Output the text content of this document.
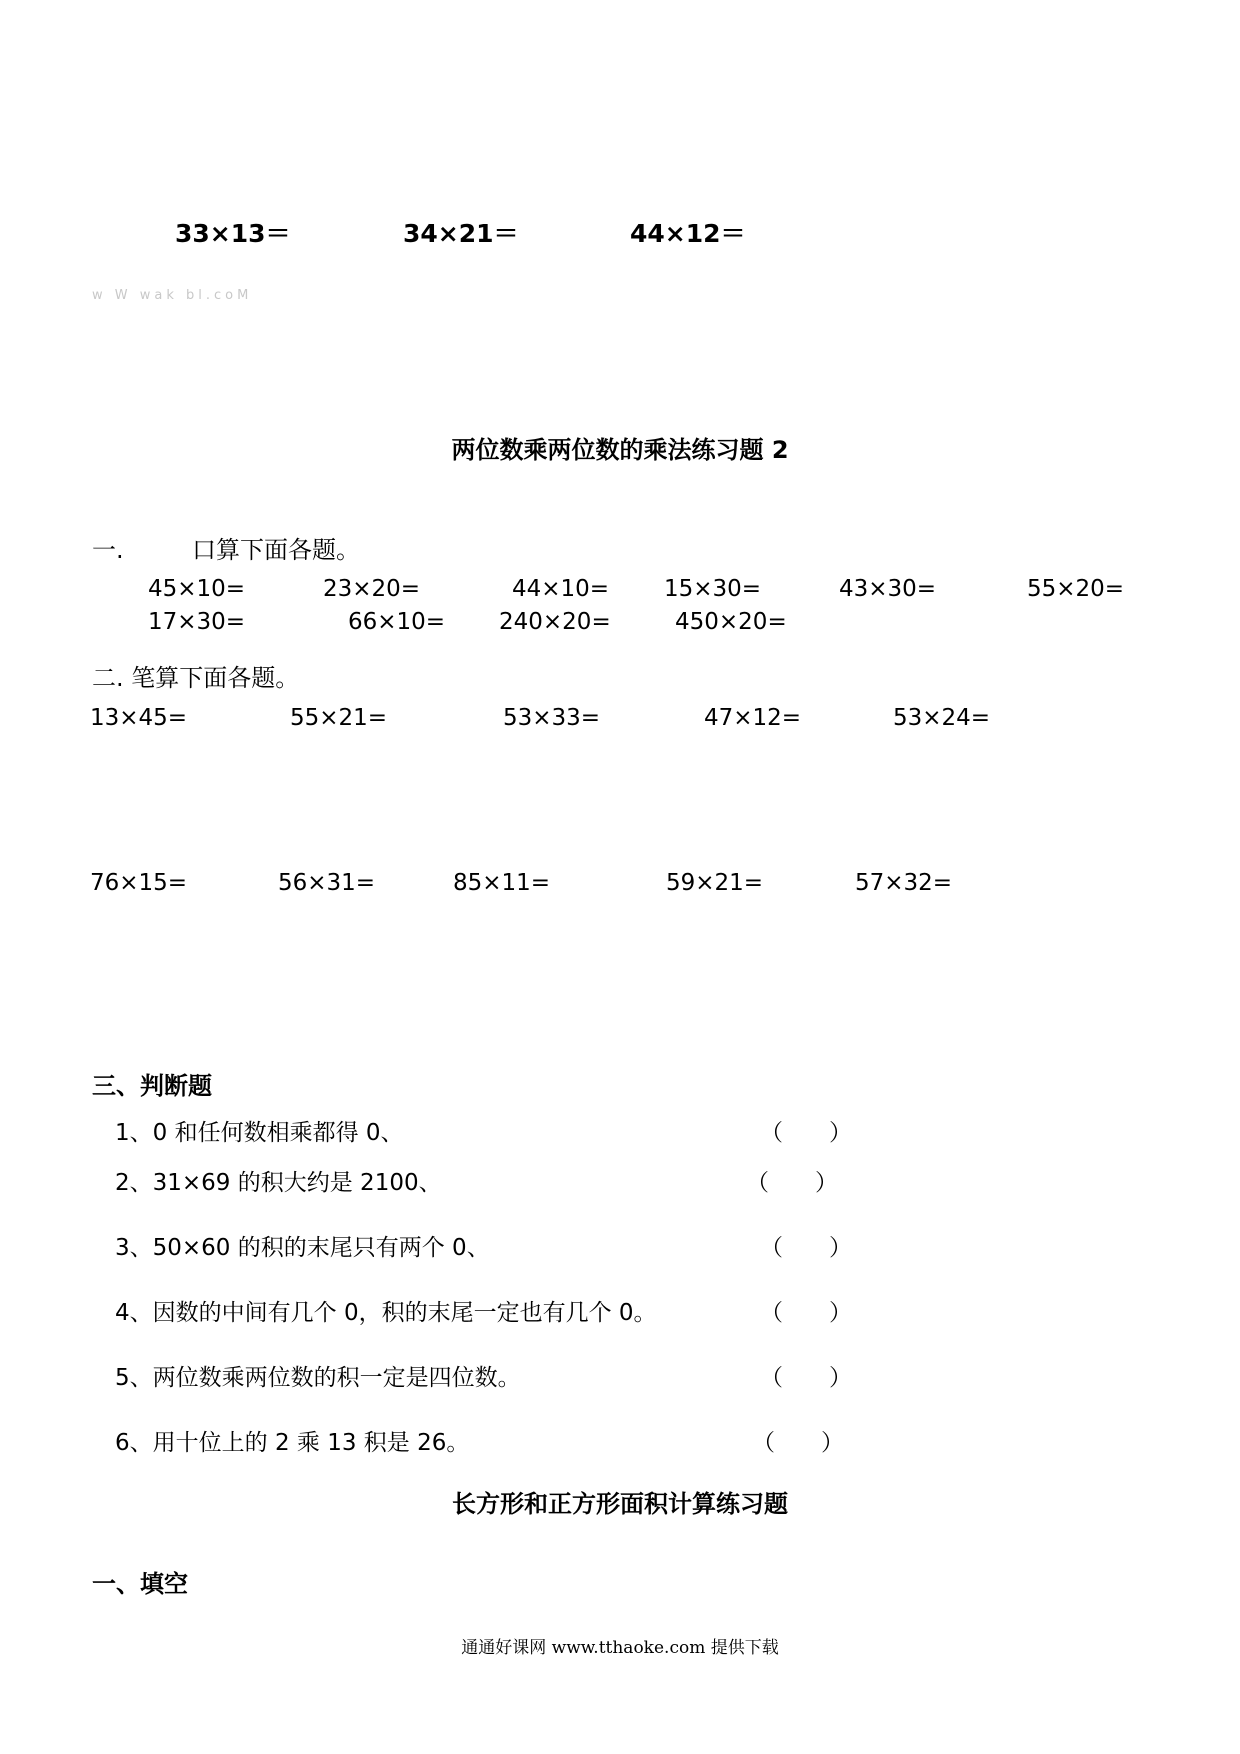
33×13＝	34×21＝	44×12＝
w W wak bl.coM
两位数乘两位数的乘法练习题 2
一.	口算下面各题。
45×10=	23×20=	44×10= 15×30=	43×30=	55×20=
17×30=	66×10= 240×20=	450×20=
二. 笔算下面各题。
13×45=	55×21=	53×33=	47×12=	53×24=
76×15=	56×31=	85×11=	59×21=	57×32=
三、判断题
1、0 和任何数相乘都得 0、	（　　）
2、31×69 的积大约是 2100、	（　　）
3、50×60 的积的末尾只有两个 0、	（　　）
4、因数的中间有几个 0，积的末尾一定也有几个 0。	（　　）
5、两位数乘两位数的积一定是四位数。	（　　）
6、用十位上的 2 乘 13 积是 26。	（　　）
长方形和正方形面积计算练习题
一、填空
通通好课网 www.tthaoke.com 提供下载
